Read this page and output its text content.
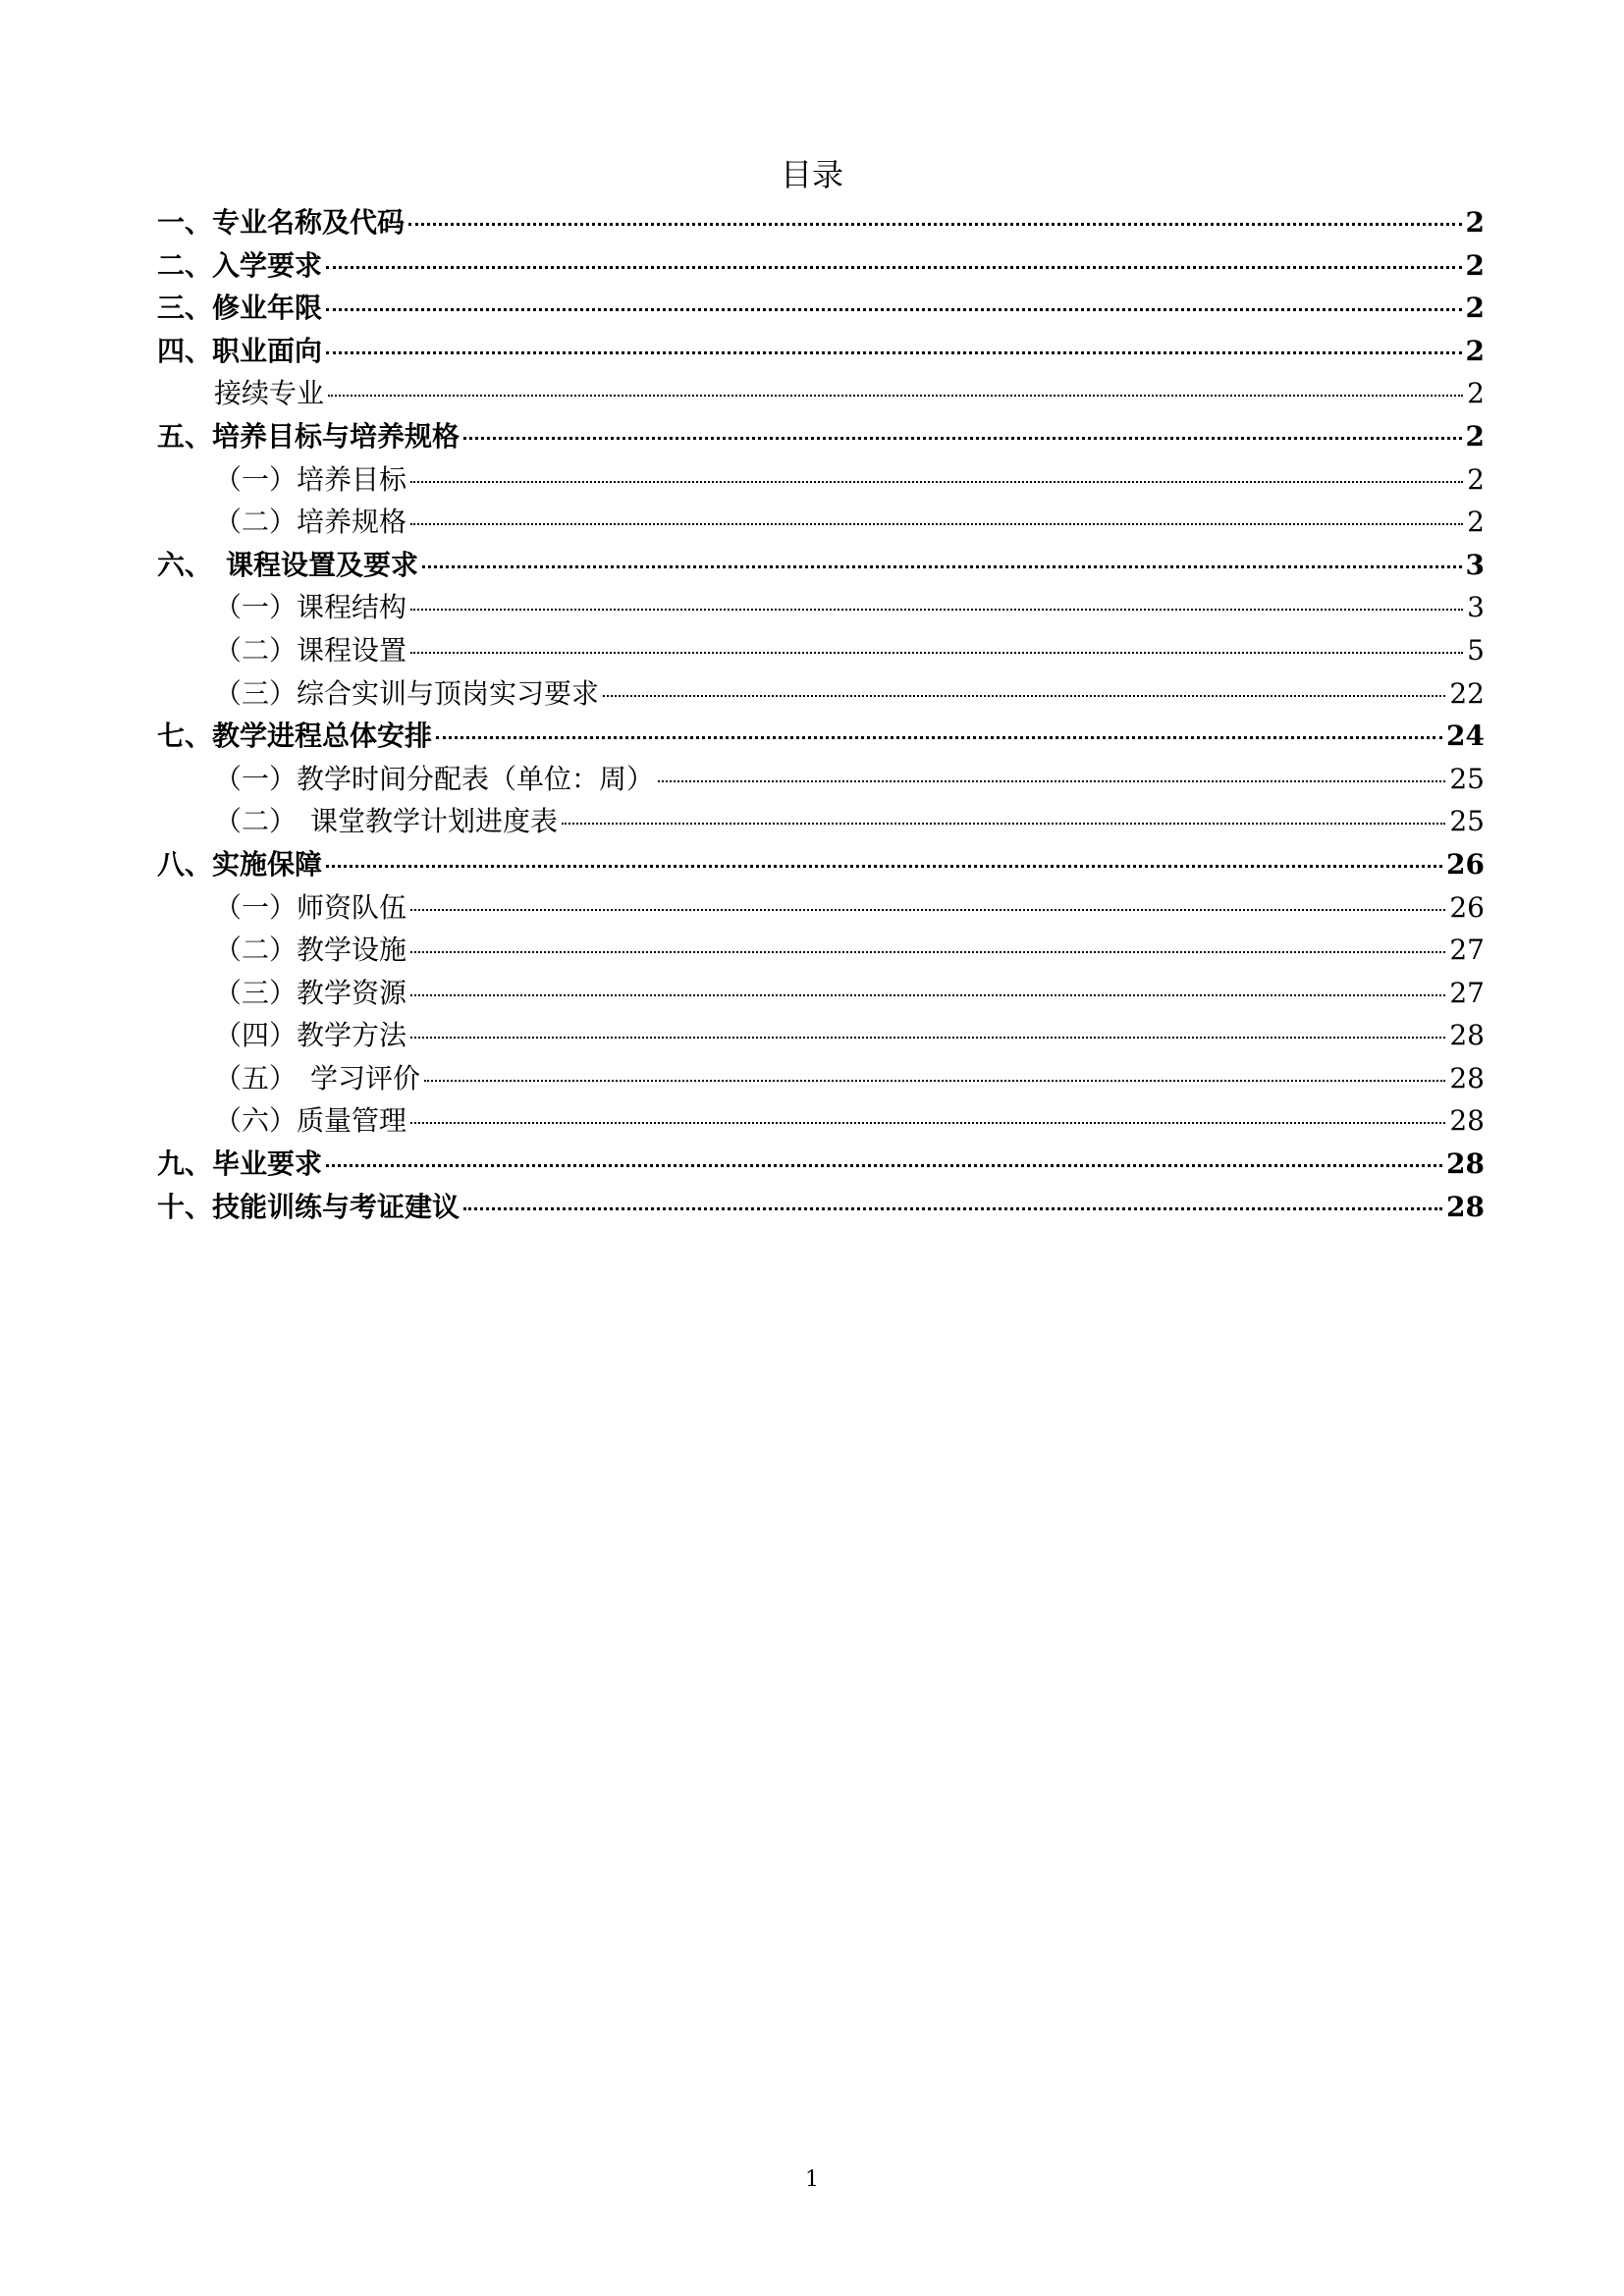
目录
一、专业名称及代码	2
二、入学要求	2
三、修业年限	2
四、职业面向	2
接续专业	2
五、培养目标与培养规格	2
（一）培养目标	2
（二）培养规格	2
六、　课程设置及要求	3
（一）课程结构	3
（二）课程设置	5
（三）综合实训与顶岗实习要求	22
七、教学进程总体安排	24
（一）教学时间分配表（单位：周）	25
（二）　课堂教学计划进度表	25
八、实施保障	26
（一）师资队伍	26
（二）教学设施	27
（三）教学资源	27
（四）教学方法	28
（五）　学习评价	28
（六）质量管理	28
九、毕业要求	28
十、技能训练与考证建议	28
1
